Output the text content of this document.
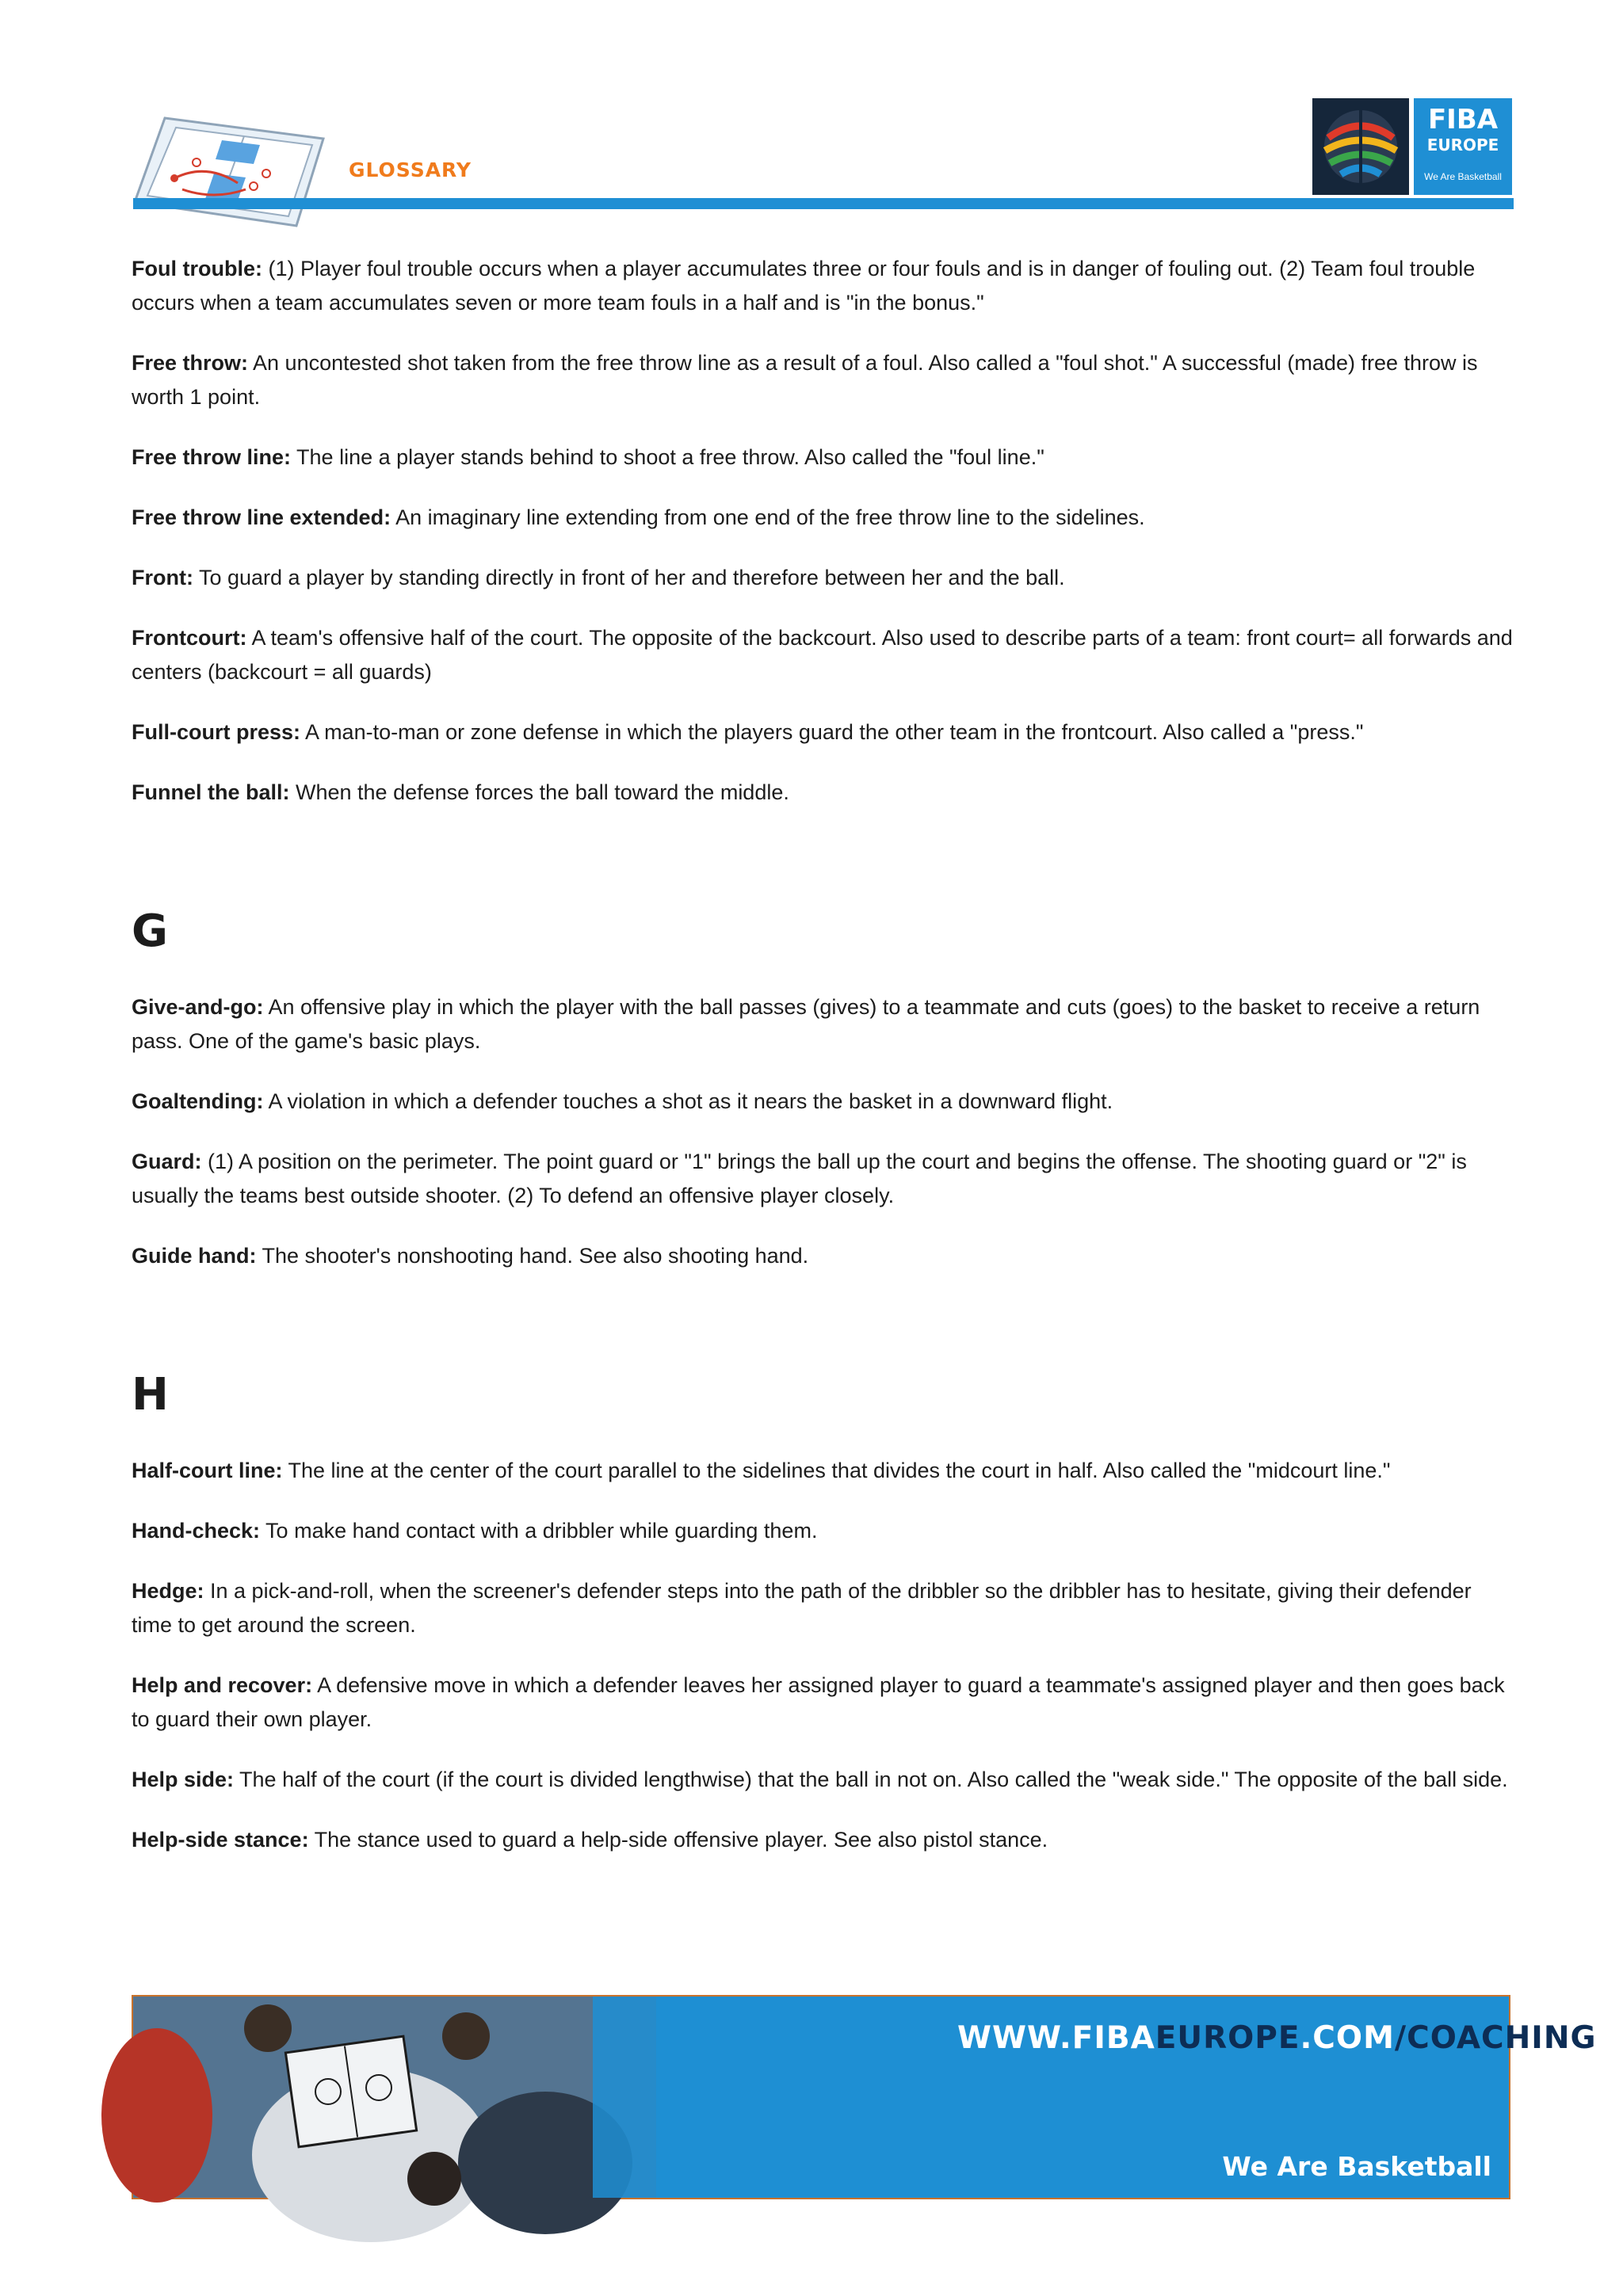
GLOSSARY
FIBA
EUROPE
We Are Basketball

Foul trouble: (1) Player foul trouble occurs when a player accumulates three or four fouls and is in danger of fouling out. (2) Team foul trouble occurs when a team accumulates seven or more team fouls in a half and is "in the bonus."

Free throw: An uncontested shot taken from the free throw line as a result of a foul. Also called a "foul shot." A successful (made) free throw is worth 1 point.

Free throw line: The line a player stands behind to shoot a free throw. Also called the "foul line."

Free throw line extended: An imaginary line extending from one end of the free throw line to the sidelines.

Front: To guard a player by standing directly in front of her and therefore between her and the ball.

Frontcourt: A team's offensive half of the court. The opposite of the backcourt. Also used to describe parts of a team: front court= all forwards and centers (backcourt = all guards)

Full-court press: A man-to-man or zone defense in which the players guard the other team in the frontcourt. Also called a "press."

Funnel the ball: When the defense forces the ball toward the middle.

G

Give-and-go: An offensive play in which the player with the ball passes (gives) to a teammate and cuts (goes) to the basket to receive a return pass. One of the game's basic plays.

Goaltending: A violation in which a defender touches a shot as it nears the basket in a downward flight.

Guard: (1) A position on the perimeter. The point guard or "1" brings the ball up the court and begins the offense. The shooting guard or "2" is usually the teams best outside shooter. (2) To defend an offensive player closely.

Guide hand: The shooter's nonshooting hand. See also shooting hand.

H

Half-court line: The line at the center of the court parallel to the sidelines that divides the court in half. Also called the "midcourt line."

Hand-check: To make hand contact with a dribbler while guarding them.

Hedge: In a pick-and-roll, when the screener's defender steps into the path of the dribbler so the dribbler has to hesitate, giving their defender time to get around the screen.

Help and recover: A defensive move in which a defender leaves her assigned player to guard a teammate's assigned player and then goes back to guard their own player.

Help side: The half of the court (if the court is divided lengthwise) that the ball in not on. Also called the "weak side." The opposite of the ball side.

Help-side stance: The stance used to guard a help-side offensive player. See also pistol stance.

WWW.FIBAEUROPE.COM/COACHING
We Are Basketball
